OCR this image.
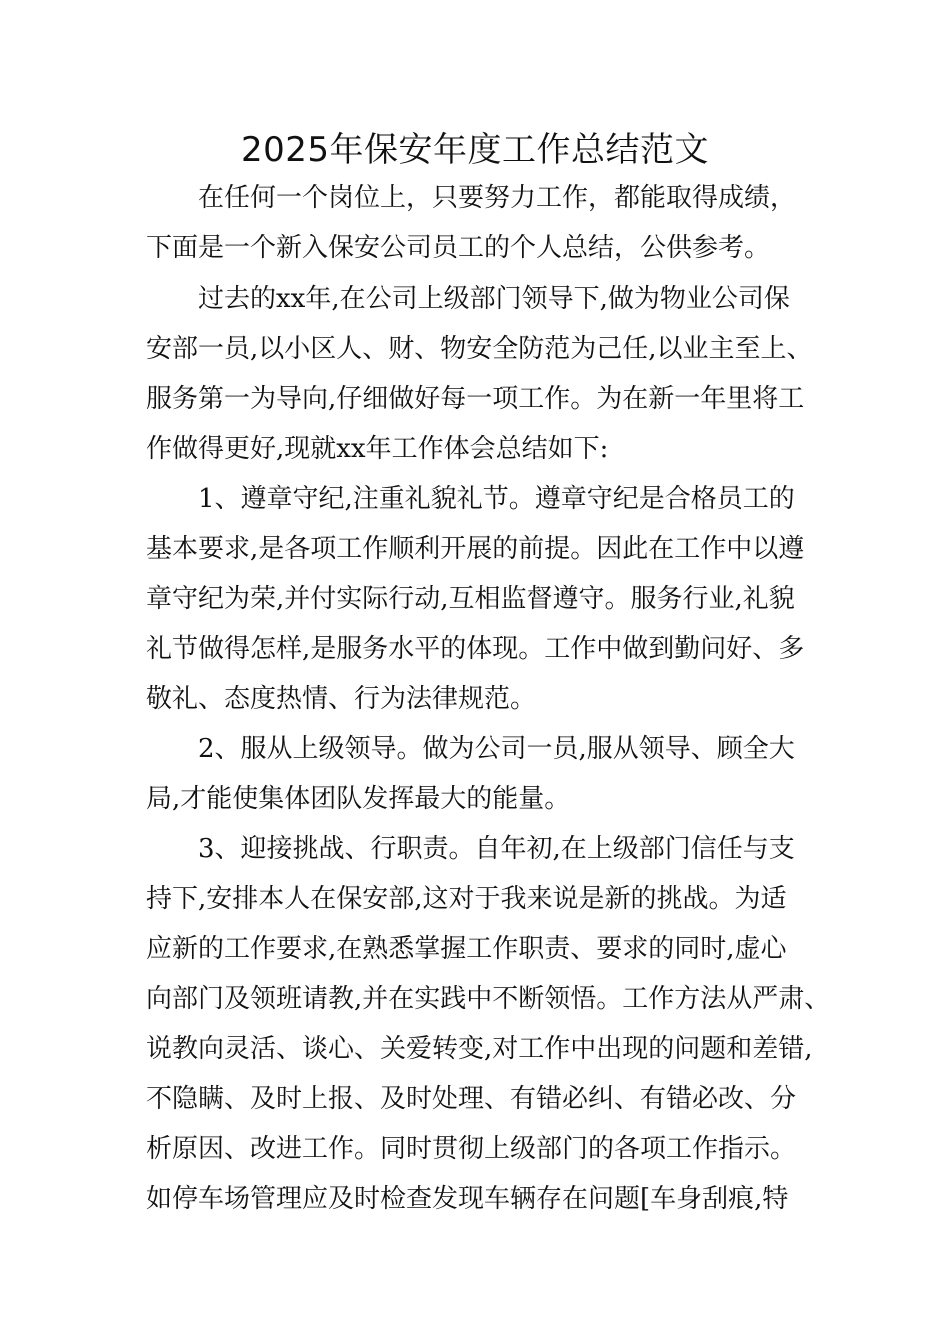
2025年保安年度工作总结范文

在任何一个岗位上，只要努力工作，都能取得成绩，

下面是一个新入保安公司员工的个人总结，公供参考。

过去的xx年,在公司上级部门领导下,做为物业公司保

安部一员,以小区人、财、物安全防范为己任,以业主至上、

服务第一为导向,仔细做好每一项工作。为在新一年里将工

作做得更好,现就xx年工作体会总结如下:

1、遵章守纪,注重礼貌礼节。遵章守纪是合格员工的

基本要求,是各项工作顺利开展的前提。因此在工作中以遵

章守纪为荣,并付实际行动,互相监督遵守。服务行业,礼貌

礼节做得怎样,是服务水平的体现。工作中做到勤问好、多

敬礼、态度热情、行为法律规范。

2、服从上级领导。做为公司一员,服从领导、顾全大

局,才能使集体团队发挥最大的能量。

3、迎接挑战、行职责。自年初,在上级部门信任与支

持下,安排本人在保安部,这对于我来说是新的挑战。为适

应新的工作要求,在熟悉掌握工作职责、要求的同时,虚心

向部门及领班请教,并在实践中不断领悟。工作方法从严肃、

说教向灵活、谈心、关爱转变,对工作中出现的问题和差错,

不隐瞒、及时上报、及时处理、有错必纠、有错必改、分

析原因、改进工作。同时贯彻上级部门的各项工作指示。

如停车场管理应及时检查发现车辆存在问题[车身刮痕,特
